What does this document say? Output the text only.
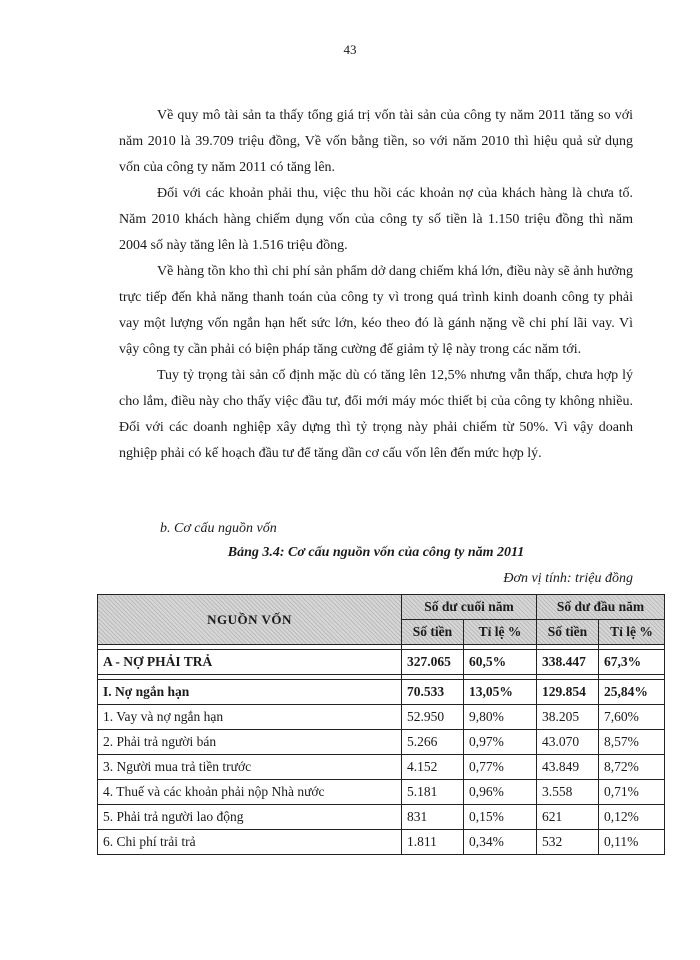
43

Về quy mô tài sản ta thấy tổng giá trị vốn tài sản của công ty năm 2011 tăng so với năm 2010 là 39.709 triệu đồng, Về vốn bằng tiền, so với năm 2010 thì hiệu quả sử dụng vốn của công ty năm 2011 có tăng lên.

Đối với các khoản phải thu, việc thu hồi các khoản nợ của khách hàng là chưa tố. Năm 2010 khách hàng chiếm dụng vốn của công ty số tiền là 1.150 triệu đồng thì năm 2004 số này tăng lên là 1.516 triệu đồng.

Về hàng tồn kho thì chi phí sản phẩm dở dang chiếm khá lớn, điều này sẽ ảnh hưởng trực tiếp đến khả năng thanh toán của công ty vì trong quá trình kinh doanh công ty phải vay một lượng vốn ngắn hạn hết sức lớn, kéo theo đó là gánh nặng về chi phí lãi vay. Vì vậy công ty cần phải có biện pháp tăng cường để giảm tỷ lệ này trong các năm tới.

Tuy tỷ trọng tài sản cố định mặc dù có tăng lên 12,5% nhưng vẫn thấp, chưa hợp lý cho lắm, điều này cho thấy việc đầu tư, đổi mới máy móc thiết bị của công ty không nhiều. Đối với các doanh nghiệp xây dựng thì tỷ trọng này phải chiếm từ 50%. Vì vậy doanh nghiệp phải có kế hoạch đầu tư để tăng dần cơ cấu vốn lên đến mức hợp lý.

b. Cơ cấu nguồn vốn
Bảng 3.4: Cơ cấu nguồn vốn của công ty năm 2011
Đơn vị tính: triệu đồng
NGUỒN VỐN	Số dư cuối năm		Số dư đầu năm	
	Số tiền	Tỉ lệ %	Số tiền	Tỉ lệ %

A - NỢ PHẢI TRẢ	327.065	60,5%	338.447	67,3%

I. Nợ ngắn hạn	70.533	13,05%	129.854	25,84%
1. Vay và nợ ngắn hạn	52.950	9,80%	38.205	7,60%
2. Phải trả người bán	5.266	0,97%	43.070	8,57%
3. Người mua trả tiền trước	4.152	0,77%	43.849	8,72%
4. Thuế và các khoản phải nộp Nhà nước	5.181	0,96%	3.558	0,71%
5. Phải trả người lao động	831	0,15%	621	0,12%
6. Chi phí trải trả	1.811	0,34%	532	0,11%
